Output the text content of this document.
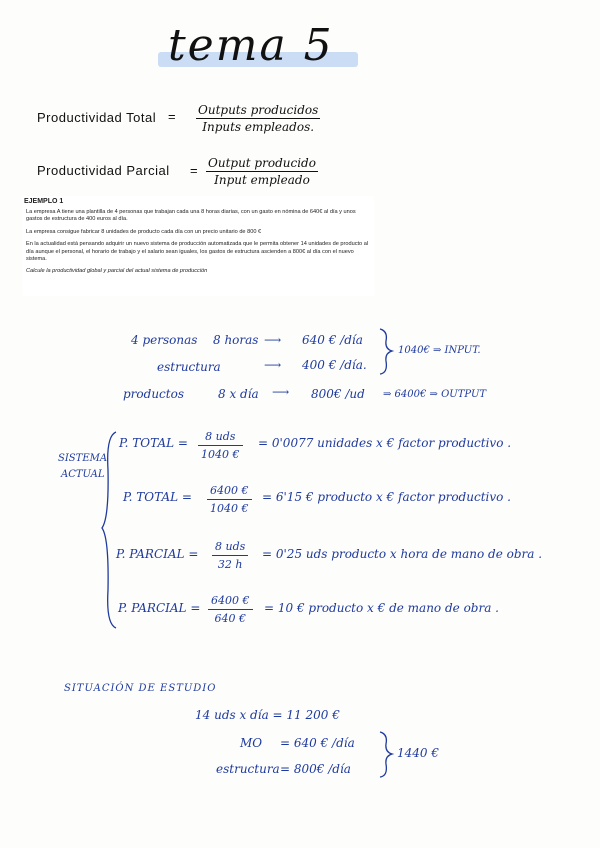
tema 5
Productividad Total = Outputs producidos
Inputs empleados.
Productividad Parcial = Output producido
Input empleado
EJEMPLO 1

La empresa A tiene una plantilla de 4 personas que trabajan cada una 8 horas diarias, con un gasto en nómina de 640€ al día y unos gastos de estructura de 400 euros al día.

La empresa consigue fabricar 8 unidades de producto cada día con un precio unitario de 800 €

En la actualidad está pensando adquirir un nuevo sistema de producción automatizada que le permita obtener 14 unidades de producto al día aunque el personal, el horario de trabajo y el salario sean iguales, los gastos de estructura ascienden a 800€ al día con el nuevo sistema.

Calcule la productividad global y parcial del actual sistema de producción

4 personas 8 horas ⟶ 640 € /día
estructura	⟶ 400 € /día.
1040€ ⇒ INPUT.
productos	8 x día ⟶ 800€ /ud ⇒ 6400€ ⇒ OUTPUT
SISTEMA
ACTUAL
P. TOTAL =	8 uds
1040 €
= 0'0077 unidades x € factor productivo .
P. TOTAL = 6400 €
1040 €
= 6'15 € producto x € factor productivo .
P. PARCIAL =
8 uds
32 h
= 0'25 uds producto x hora de mano de obra .
P. PARCIAL =
6400 €
640 €
= 10 € producto x € de mano de obra .
SITUACIÓN DE ESTUDIO
14 uds x día = 11 200 €
MO = 640 € /día
estructura = 800€ /día
1440 €
